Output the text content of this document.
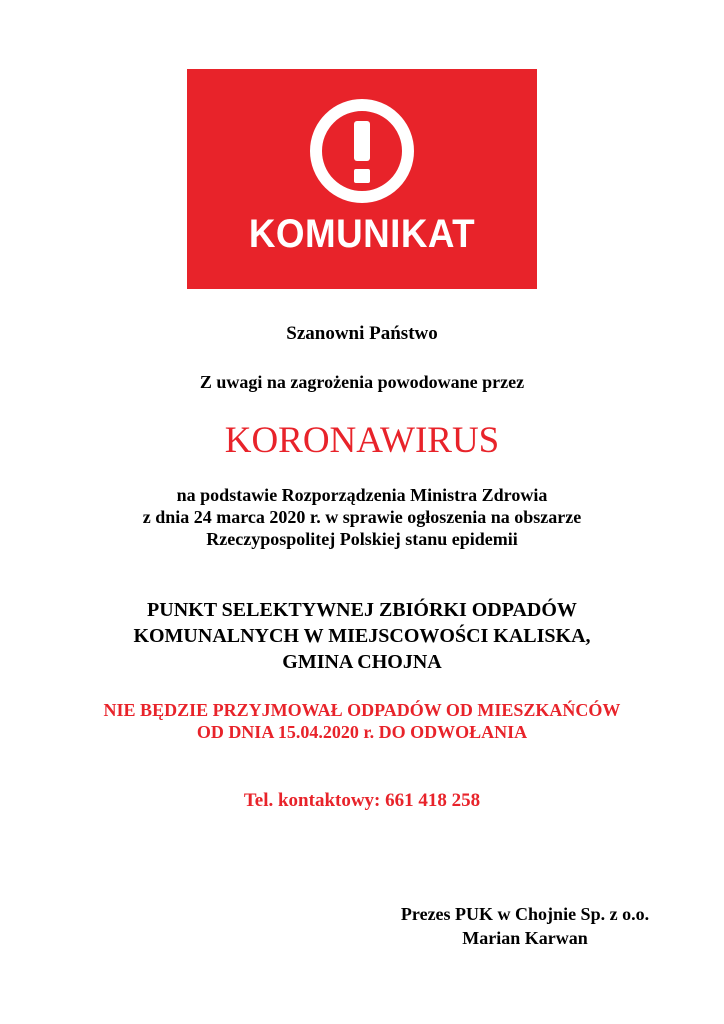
KOMUNIKAT
Szanowni Państwo
Z uwagi na zagrożenia powodowane przez
KORONAWIRUS
na podstawie Rozporządzenia Ministra Zdrowia
z dnia 24 marca 2020 r. w sprawie ogłoszenia na obszarze
Rzeczypospolitej Polskiej stanu epidemii
PUNKT SELEKTYWNEJ ZBIÓRKI ODPADÓW
KOMUNALNYCH W MIEJSCOWOŚCI KALISKA,
GMINA CHOJNA
NIE BĘDZIE PRZYJMOWAŁ ODPADÓW OD MIESZKAŃCÓW
OD DNIA 15.04.2020 r. DO ODWOŁANIA
Tel. kontaktowy: 661 418 258
Prezes PUK w Chojnie Sp. z o.o.
Marian Karwan
